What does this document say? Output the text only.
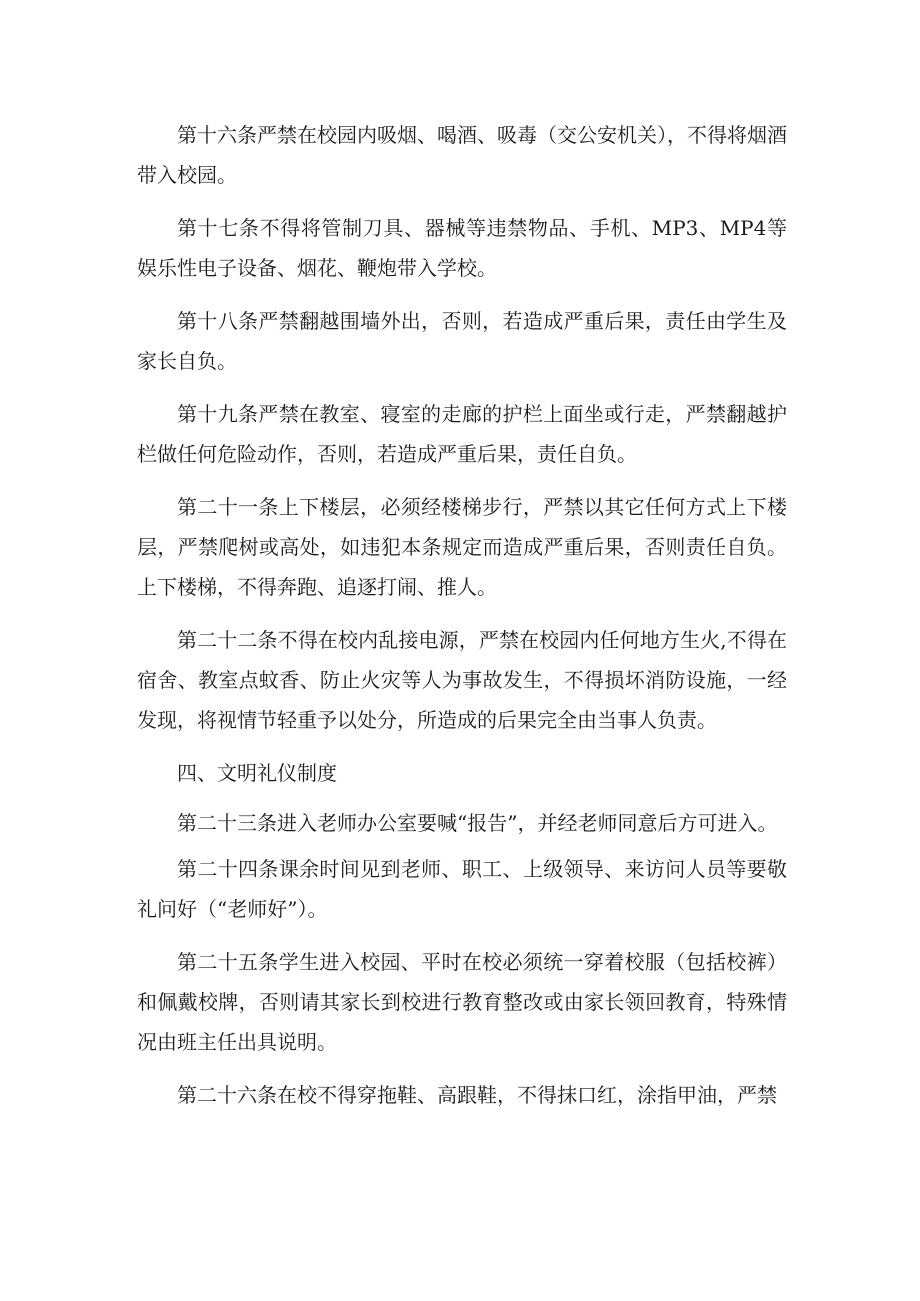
第十六条严禁在校园内吸烟、喝酒、吸毒（交公安机关），不得将烟酒带入校园。

第十七条不得将管制刀具、器械等违禁物品、手机、MP3、MP4等娱乐性电子设备、烟花、鞭炮带入学校。

第十八条严禁翻越围墙外出，否则，若造成严重后果，责任由学生及家长自负。

第十九条严禁在教室、寝室的走廊的护栏上面坐或行走，严禁翻越护栏做任何危险动作，否则，若造成严重后果，责任自负。

第二十一条上下楼层，必须经楼梯步行，严禁以其它任何方式上下楼层，严禁爬树或高处，如违犯本条规定而造成严重后果，否则责任自负。上下楼梯，不得奔跑、追逐打闹、推人。

第二十二条不得在校内乱接电源，严禁在校园内任何地方生火,不得在宿舍、教室点蚊香、防止火灾等人为事故发生，不得损坏消防设施，一经发现，将视情节轻重予以处分，所造成的后果完全由当事人负责。

四、文明礼仪制度

第二十三条进入老师办公室要喊“报告”，并经老师同意后方可进入。

第二十四条课余时间见到老师、职工、上级领导、来访问人员等要敬礼问好（“老师好”）。

第二十五条学生进入校园、平时在校必须统一穿着校服（包括校裤）和佩戴校牌，否则请其家长到校进行教育整改或由家长领回教育，特殊情况由班主任出具说明。

第二十六条在校不得穿拖鞋、高跟鞋，不得抹口红，涂指甲油，严禁
